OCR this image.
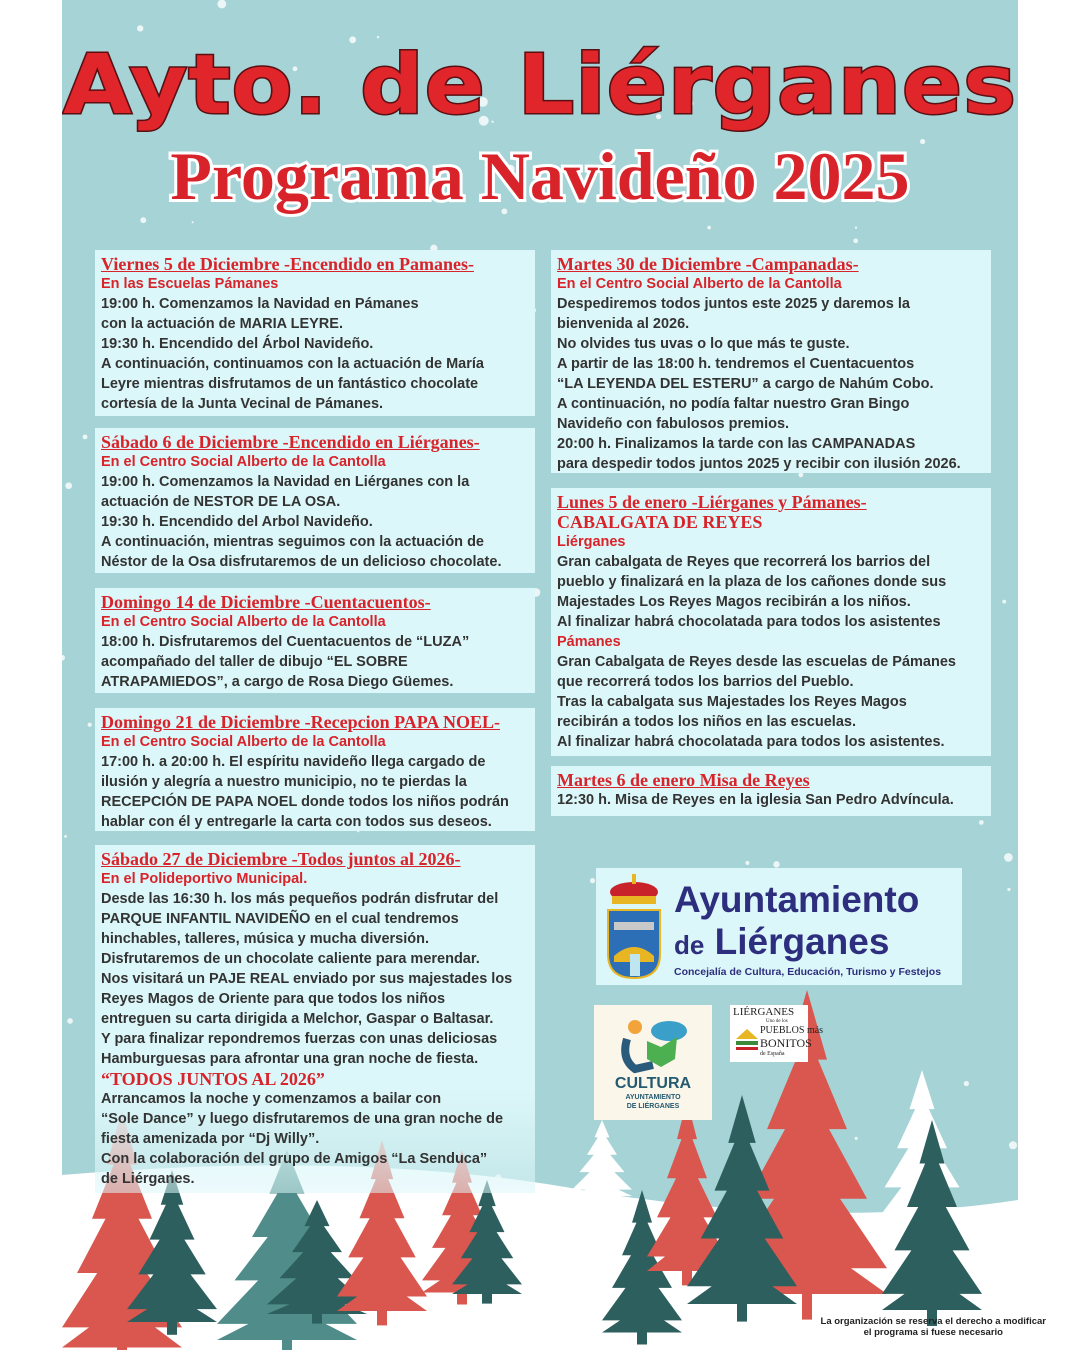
Ayto. de Liérganes
Programa Navideño 2025
Viernes 5 de Diciembre -Encendido en Pamanes-
En las Escuelas Pámanes
19:00 h. Comenzamos la Navidad en Pámanes
con la actuación de MARIA LEYRE.
19:30 h. Encendido del Árbol Navideño.
A continuación, continuamos con la actuación de María
Leyre mientras disfrutamos de un fantástico chocolate
cortesía de la Junta Vecinal de Pámanes.
Sábado 6 de Diciembre -Encendido en Liérganes-
En el Centro Social Alberto de la Cantolla
19:00 h. Comenzamos la Navidad en Liérganes con la
actuación de NESTOR DE LA OSA.
19:30 h. Encendido del Arbol Navideño.
A continuación, mientras seguimos con la actuación de
Néstor de la Osa disfrutaremos de un delicioso chocolate.
Domingo 14 de Diciembre -Cuentacuentos-
En el Centro Social Alberto de la Cantolla
18:00 h. Disfrutaremos del Cuentacuentos de “LUZA”
acompañado del taller de dibujo “EL SOBRE
ATRAPAMIEDOS”, a cargo de Rosa Diego Güemes.
Domingo 21 de Diciembre -Recepcion PAPA NOEL-
En el Centro Social Alberto de la Cantolla
17:00 h. a 20:00 h. El espíritu navideño llega cargado de
ilusión y alegría a nuestro municipio, no te pierdas la
RECEPCIÓN DE PAPA NOEL donde todos los niños podrán
hablar con él y entregarle la carta con todos sus deseos.
Sábado 27 de Diciembre -Todos juntos al 2026-
En el Polideportivo Municipal.
Desde las 16:30 h. los más pequeños podrán disfrutar del
PARQUE INFANTIL NAVIDEÑO en el cual tendremos
hinchables, talleres, música y mucha diversión.
Disfrutaremos de un chocolate caliente para merendar.
Nos visitará un PAJE REAL enviado por sus majestades los
Reyes Magos de Oriente para que todos los niños
entreguen su carta dirigida a Melchor, Gaspar o Baltasar.
Y para finalizar repondremos fuerzas con unas deliciosas
Hamburguesas para afrontar una gran noche de fiesta.
“TODOS JUNTOS AL 2026”
Arrancamos la noche y comenzamos a bailar con
“Sole Dance” y luego disfrutaremos de una gran noche de
fiesta amenizada por “Dj Willy”.
Con la colaboración del grupo de Amigos “La Senduca”
de Liérganes.
Martes 30 de Diciembre -Campanadas-
En el Centro Social Alberto de la Cantolla
Despediremos todos juntos este 2025 y daremos la
bienvenida al 2026.
No olvides tus uvas o lo que más te guste.
A partir de las 18:00 h. tendremos el Cuentacuentos
“LA LEYENDA DEL ESTERU” a cargo de Nahúm Cobo.
A continuación, no podía faltar nuestro Gran Bingo
Navideño con fabulosos premios.
20:00 h. Finalizamos la tarde con las CAMPANADAS
para despedir todos juntos 2025 y recibir con ilusión 2026.
Lunes 5 de enero -Liérganes y Pámanes-
CABALGATA DE REYES
Liérganes
Gran cabalgata de Reyes que recorrerá los barrios del
pueblo y finalizará en la plaza de los cañones donde sus
Majestades Los Reyes Magos recibirán a los niños.
Al finalizar habrá chocolatada para todos los asistentes
Pámanes
Gran Cabalgata de Reyes desde las escuelas de Pámanes
que recorrerá todos los barrios del Pueblo.
Tras la cabalgata sus Majestades los Reyes Magos
recibirán a todos los niños en las escuelas.
Al finalizar habrá chocolatada para todos los asistentes.
Martes 6 de enero Misa de Reyes
12:30 h. Misa de Reyes en la iglesia San Pedro Advíncula.
Ayuntamiento
de Liérganes
Concejalía de Cultura, Educación, Turismo y Festejos
CULTURA
AYUNTAMIENTO
DE LIÉRGANES
LIÉRGANES
Uno de los
PUEBLOS más
BONITOS
de España
La organización se reserva el derecho a modificar
el programa si fuese necesario
